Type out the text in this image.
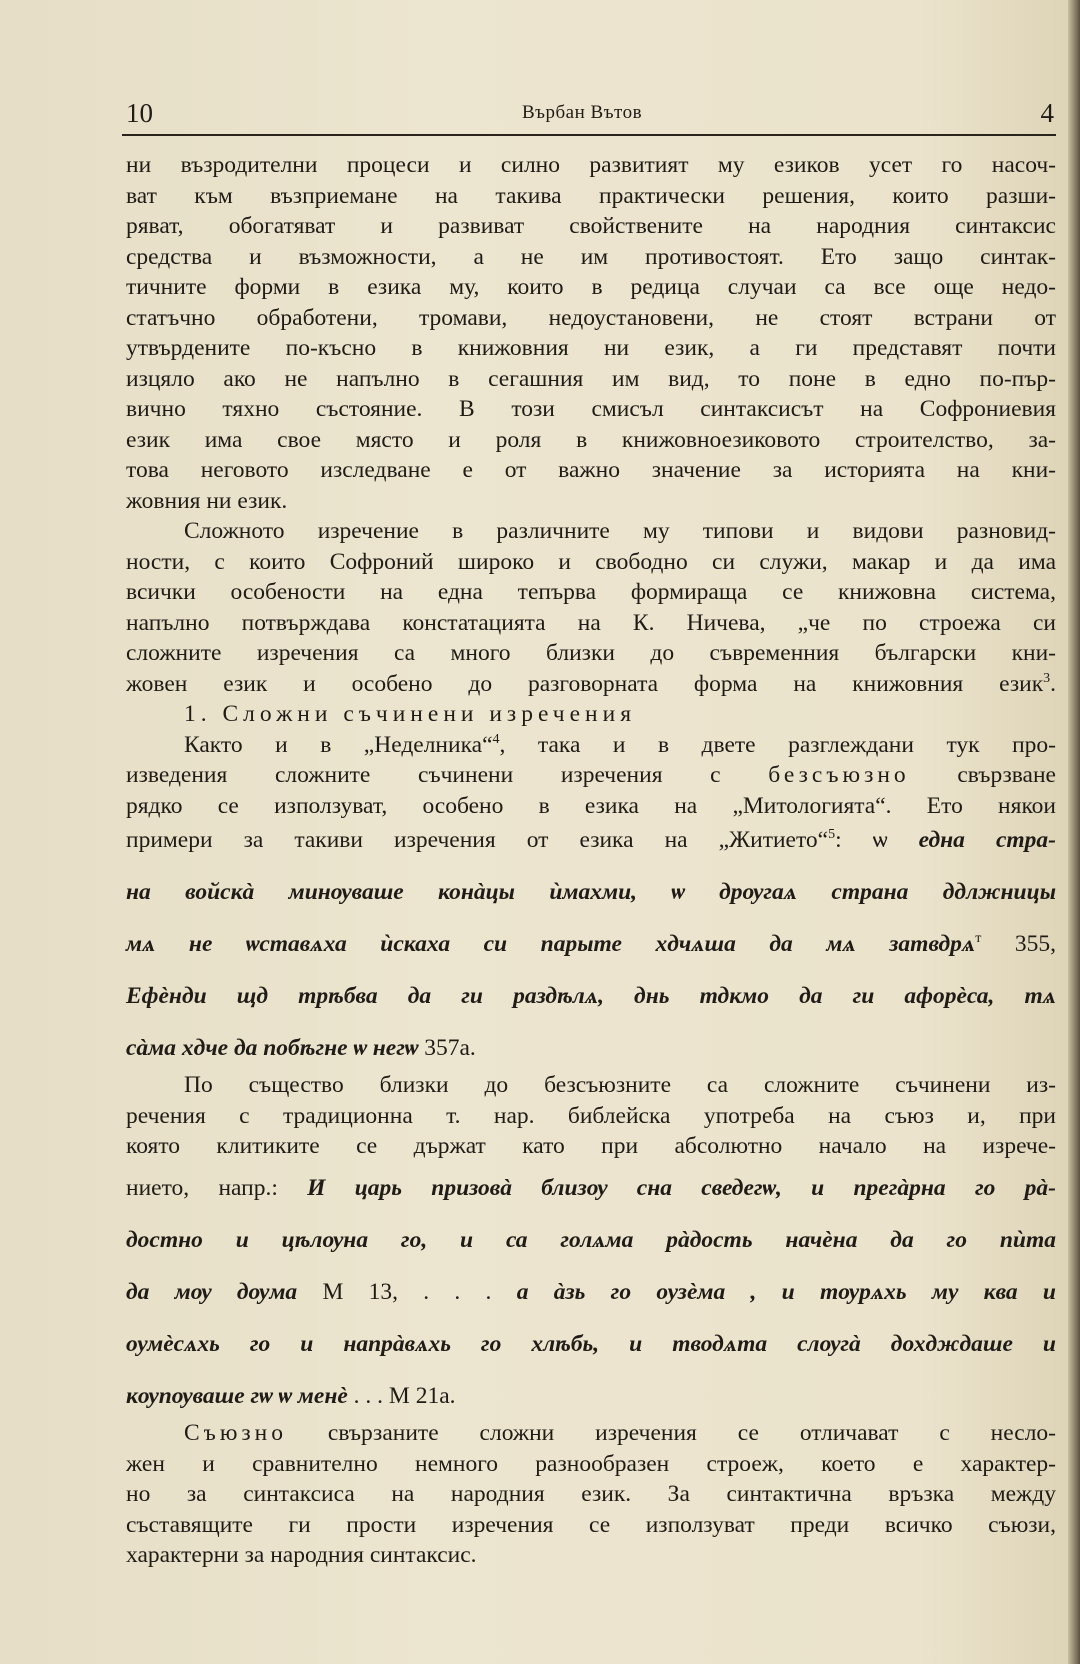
10	Върбан Вътов	4
ни възродителни процеси и силно развитият му езиков усет го насоч-
ват към възприемане на такива практически решения, които разши-
ряват, обогатяват и развиват свойствените на народния синтаксис
средства и възможности, а не им противостоят. Ето защо синтак-
тичните форми в езика му, които в редица случаи са все още недо-
статъчно обработени, тромави, недоустановени, не стоят встрани от
утвърдените по-късно в книжовния ни език, а ги представят почти
изцяло ако не напълно в сегашния им вид, то поне в едно по-пър-
вично тяхно състояние. В този смисъл синтаксисът на Софрониевия
език има свое място и роля в книжовноезиковото строителство, за-
това неговото изследване е от важно значение за историята на кни-
жовния ни език.
Сложното изречение в различните му типови и видови разновид-
ности, с които Софроний широко и свободно си служи, макар и да има
всички особености на една тепърва формираща се книжовна система,
напълно потвърждава констатацията на К. Ничева, „че по строежа си
сложните изречения са много близки до съвременния български кни-
жовен език и особено до разговорната форма на книжовния език$^3$.
1. Сложни съчинени изречения
Както и в „Неделника“$^4$, така и в двете разглеждани тук про-
изведения сложните съчинени изречения с безсъюзно свързване
рядко се използуват, особено в езика на „Митологията“. Ето някои
примери за такиви изречения от езика на „Житието“$^5$: ѡ една стра-
на войскà минѹваше конàцы ѝмахми, ѡ дрѹгаѧ страна ддлжницы
мѧ не ѡставѧха ѝскаха си парыте хдчѧша да мѧ затвдрѧ$^т$ 355,
Ефèнди щд трѣбва да ги раздѣлѧ, днь тдкмо да ги афорèса, тѧ
сàма хдче да побѣгне ѡ негѡ 357а.
По същество близки до безсъюзните са сложните съчинени из-
речения с традиционна т. нар. библейска употреба на съюз и, при
която клитиките се държат като при абсолютно начало на изрече-
нието, напр.: И царь призовà близѹ сна сведегѡ, и прегàрна го рà-
достно и цѣлѹна го, и са голѧма рàдость начèна да го пѝта
да мѹ дѹма М 13, . . . а àзь го оузèма , и тѹрѧхь му ква и
оумèсѧхь го и напрàвѧхь го хлѣбь, и тводѧта слѹгà дохдждаше и
кѹпѹваше гѡ ѡ менè . . . М 21а.
Съюзно свързаните сложни изречения се отличават с несло-
жен и сравнително немного разнообразен строеж, което е характер-
но за синтаксиса на народния език. За синтактична връзка между
съставящите ги прости изречения се използуват преди всичко съюзи,
характерни за народния синтаксис.
